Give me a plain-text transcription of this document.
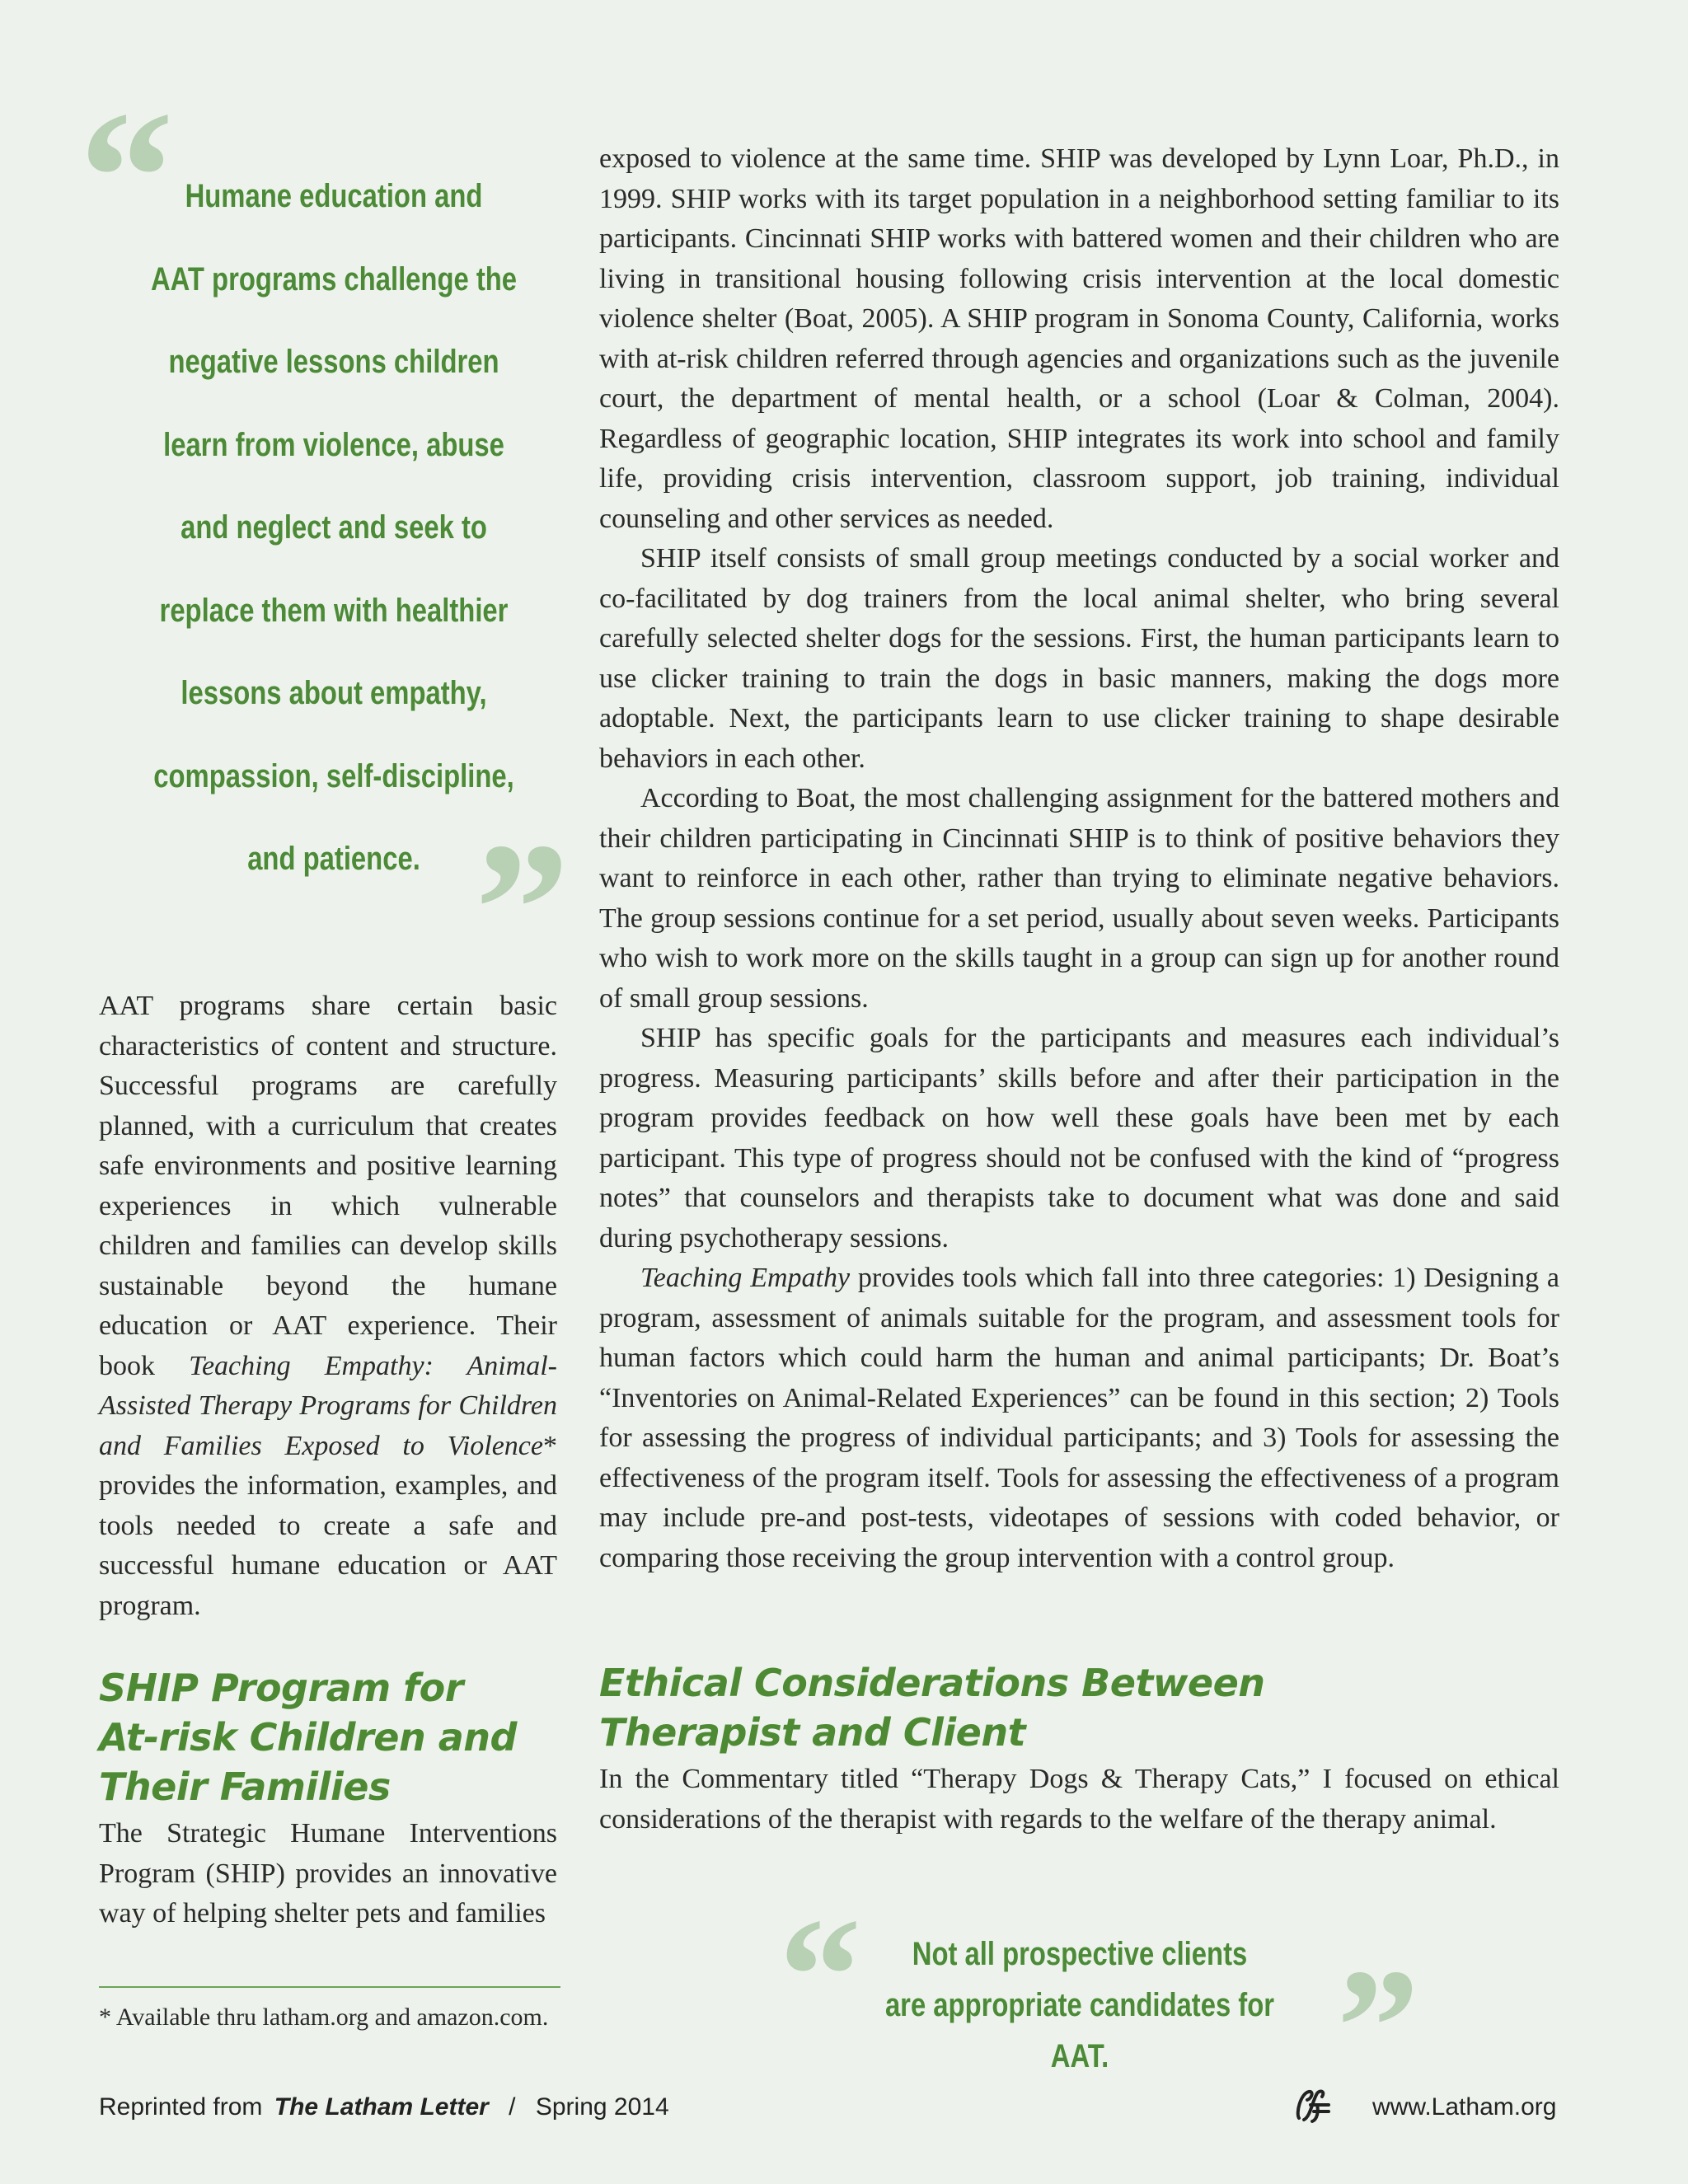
“ Humane education and

AAT programs challenge the

negative lessons children

learn from violence, abuse

and neglect and seek to

replace them with healthier

lessons about empathy,

compassion, self-discipline,

and patience. ”

AAT programs share certain basic characteristics of content and structure. Successful programs are carefully planned, with a curriculum that creates safe environments and positive learning experiences in which vulnerable children and families can develop skills sustainable beyond the humane education or AAT experience. Their book Teaching Empathy: Animal-Assisted Therapy Programs for Children and Families Exposed to Violence* provides the information, examples, and tools needed to create a safe and successful humane education or AAT program.

SHIP Program for

At-risk Children and

Their Families

The Strategic Humane Interventions Program (SHIP) provides an innovative way of helping shelter pets and families

* Available thru latham.org and amazon.com.

exposed to violence at the same time. SHIP was developed by Lynn Loar, Ph.D., in 1999. SHIP works with its target population in a neighborhood setting familiar to its participants. Cincinnati SHIP works with battered women and their children who are living in transitional housing following crisis intervention at the local domestic violence shelter (Boat, 2005). A SHIP program in Sonoma County, California, works with at-risk children referred through agencies and organizations such as the juvenile court, the department of mental health, or a school (Loar & Colman, 2004). Regardless of geographic location, SHIP integrates its work into school and family life, providing crisis intervention, classroom support, job training, individual counseling and other services as needed.

SHIP itself consists of small group meetings conducted by a social worker and co-facilitated by dog trainers from the local animal shelter, who bring several carefully selected shelter dogs for the sessions. First, the human participants learn to use clicker training to train the dogs in basic manners, making the dogs more adoptable. Next, the participants learn to use clicker training to shape desirable behaviors in each other.

According to Boat, the most challenging assignment for the battered mothers and their children participating in Cincinnati SHIP is to think of positive behaviors they want to reinforce in each other, rather than trying to eliminate negative behaviors. The group sessions continue for a set period, usually about seven weeks. Participants who wish to work more on the skills taught in a group can sign up for another round of small group sessions.

SHIP has specific goals for the participants and measures each individual’s progress. Measuring participants’ skills before and after their participation in the program provides feedback on how well these goals have been met by each participant. This type of progress should not be confused with the kind of “progress notes” that counselors and therapists take to document what was done and said during psychotherapy sessions.

Teaching Empathy provides tools which fall into three categories: 1) Designing a program, assessment of animals suitable for the program, and assessment tools for human factors which could harm the human and animal participants; Dr. Boat’s “Inventories on Animal-Related Experiences” can be found in this section; 2) Tools for assessing the progress of individual participants; and 3) Tools for assessing the effectiveness of the program itself. Tools for assessing the effectiveness of a program may include pre-and post-tests, videotapes of sessions with coded behavior, or comparing those receiving the group intervention with a control group.

Ethical Considerations Between

Therapist and Client

In the Commentary titled “Therapy Dogs & Therapy Cats,” I focused on ethical considerations of the therapist with regards to the welfare of the therapy animal.

“	Not all prospective clients

are appropriate candidates for AAT.	”
Reprinted from The Latham Letter / Spring 2014	www.Latham.org
